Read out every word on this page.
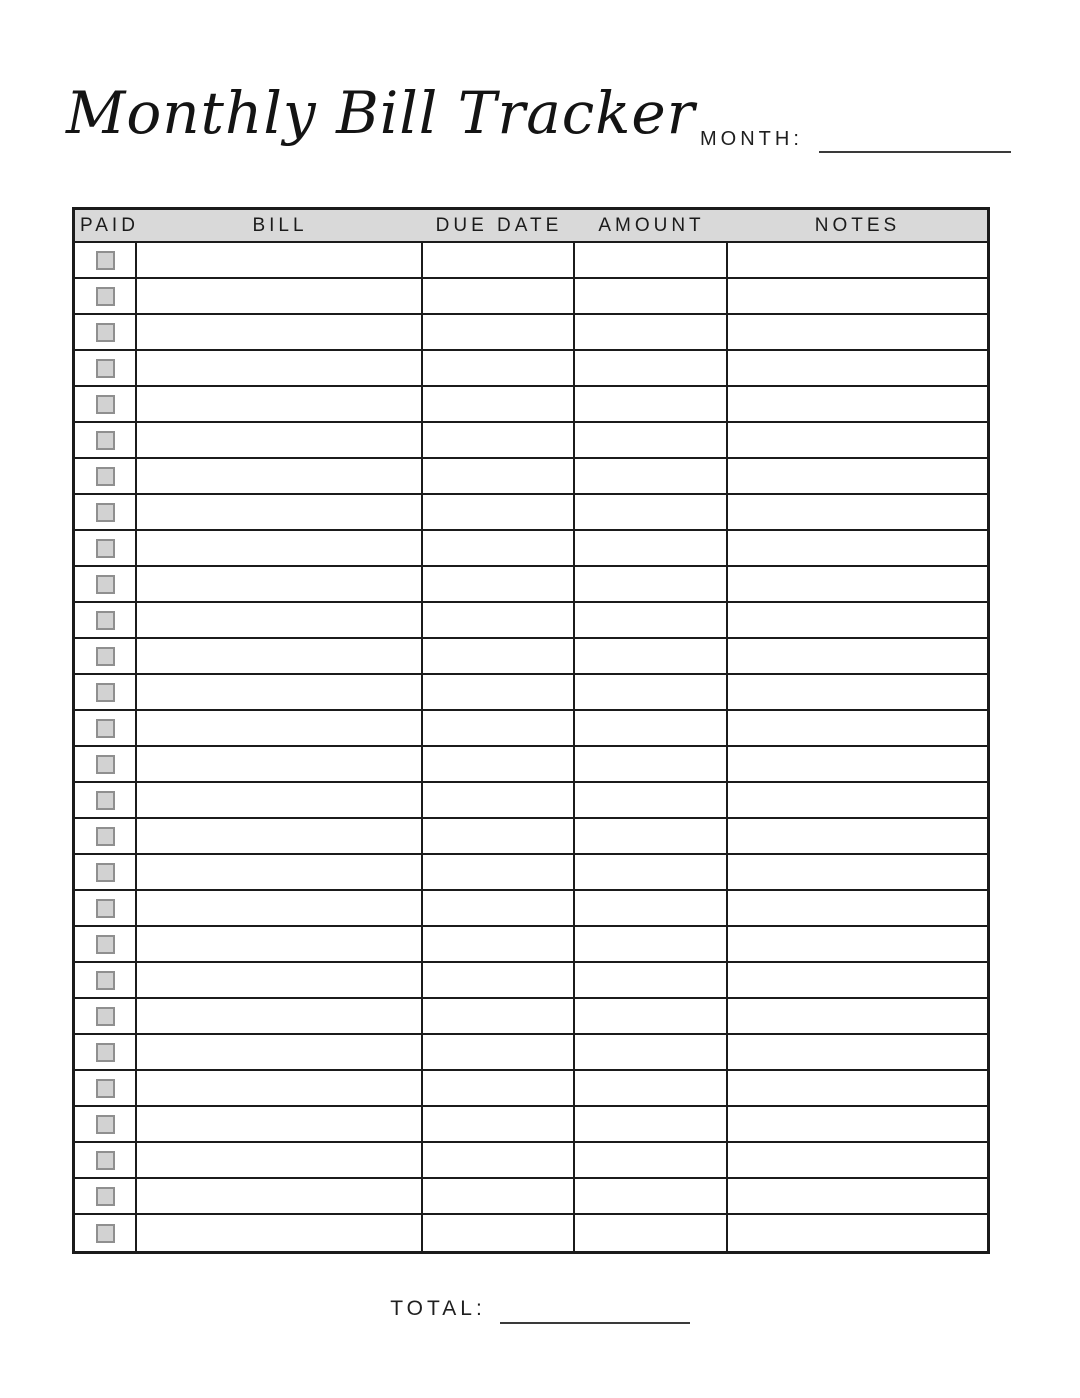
Monthly Bill Tracker MONTH:
PAID	BILL	DUE DATE	AMOUNT	NOTES
TOTAL:
